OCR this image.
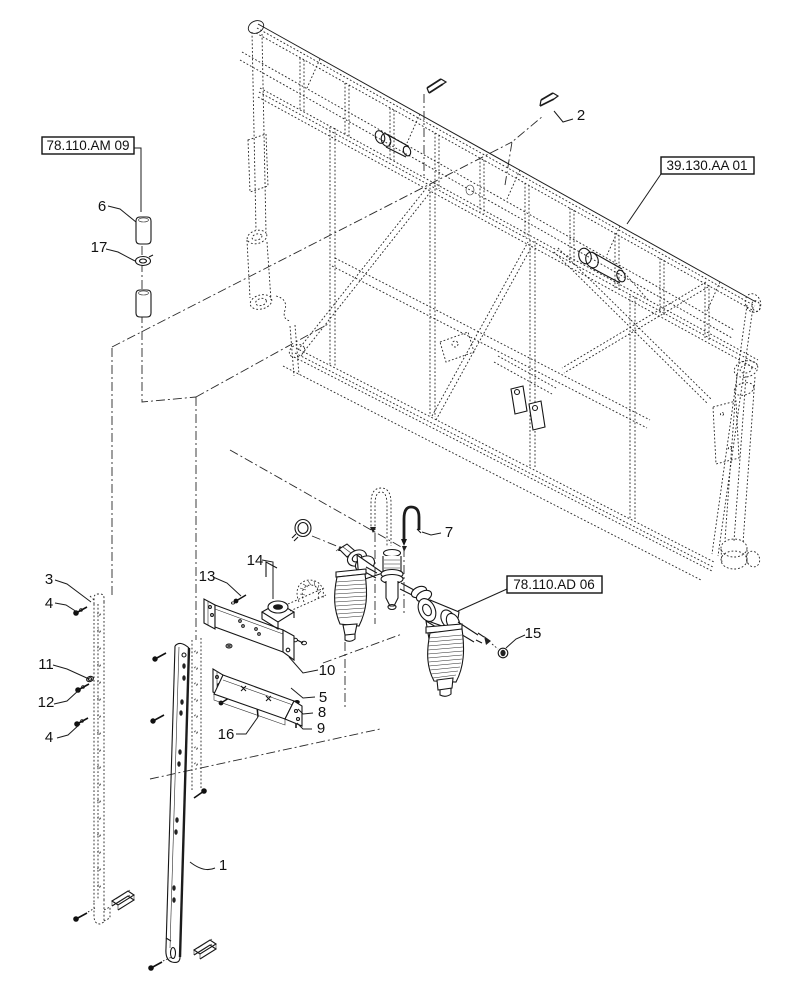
78.110.AM 09
39.130.AA 01
78.110.AD 06
1
2
3
4
5
6
7
8
9
10
11
12
13
14
15
16
17
4
